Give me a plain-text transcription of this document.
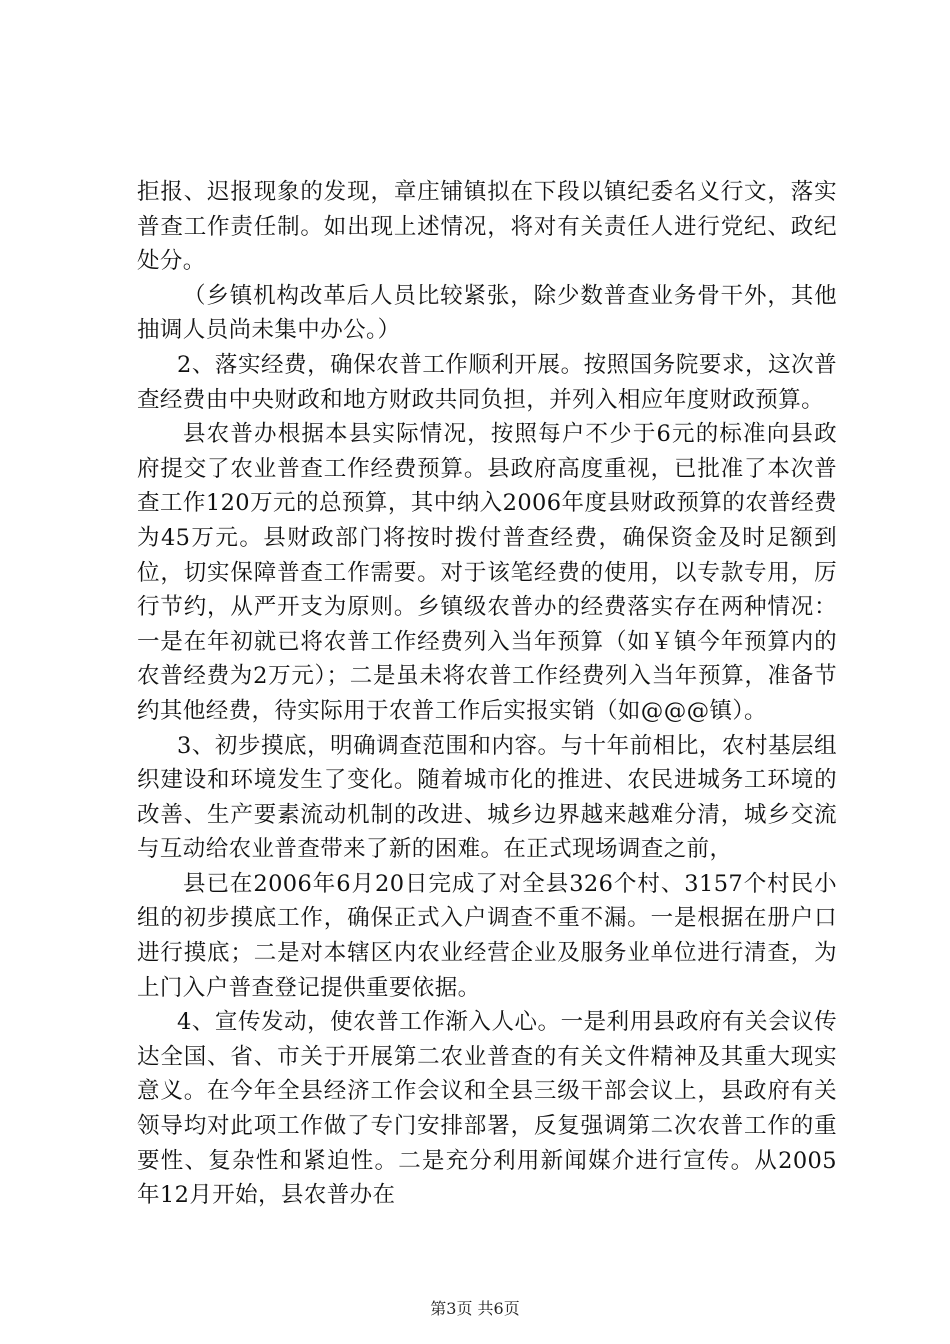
拒报、迟报现象的发现，章庄铺镇拟在下段以镇纪委名义行文，落实普查工作责任制。如出现上述情况，将对有关责任人进行党纪、政纪处分。

（乡镇机构改革后人员比较紧张，除少数普查业务骨干外，其他抽调人员尚未集中办公。）

2、落实经费，确保农普工作顺利开展。按照国务院要求，这次普查经费由中央财政和地方财政共同负担，并列入相应年度财政预算。

县农普办根据本县实际情况，按照每户不少于6元的标准向县政府提交了农业普查工作经费预算。县政府高度重视，已批准了本次普查工作120万元的总预算，其中纳入2006年度县财政预算的农普经费为45万元。县财政部门将按时拨付普查经费，确保资金及时足额到位，切实保障普查工作需要。对于该笔经费的使用，以专款专用，厉行节约，从严开支为原则。乡镇级农普办的经费落实存在两种情况：一是在年初就已将农普工作经费列入当年预算（如￥镇今年预算内的农普经费为2万元）；二是虽未将农普工作经费列入当年预算，准备节约其他经费，待实际用于农普工作后实报实销（如@@@镇）。

3、初步摸底，明确调查范围和内容。与十年前相比，农村基层组织建设和环境发生了变化。随着城市化的推进、农民进城务工环境的改善、生产要素流动机制的改进、城乡边界越来越难分清，城乡交流与互动给农业普查带来了新的困难。在正式现场调查之前，

县已在2006年6月20日完成了对全县326个村、3157个村民小组的初步摸底工作，确保正式入户调查不重不漏。一是根据在册户口进行摸底；二是对本辖区内农业经营企业及服务业单位进行清查，为上门入户普查登记提供重要依据。

4、宣传发动，使农普工作渐入人心。一是利用县政府有关会议传达全国、省、市关于开展第二农业普查的有关文件精神及其重大现实意义。在今年全县经济工作会议和全县三级干部会议上，县政府有关领导均对此项工作做了专门安排部署，反复强调第二次农普工作的重要性、复杂性和紧迫性。二是充分利用新闻媒介进行宣传。从2005年12月开始，县农普办在

第3页 共6页
